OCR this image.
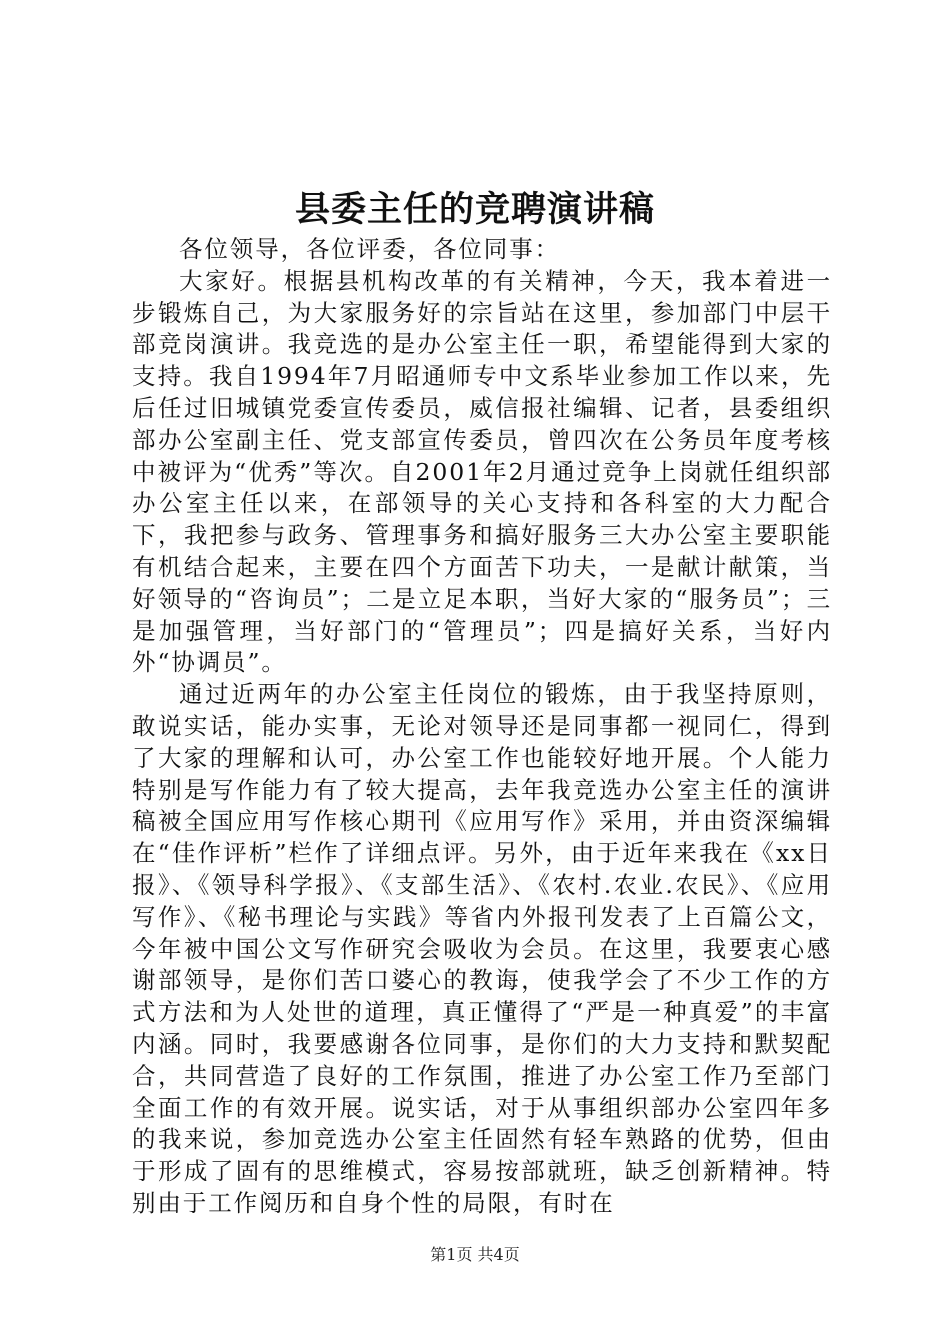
县委主任的竞聘演讲稿

各位领导，各位评委，各位同事：

大家好。根据县机构改革的有关精神，今天，我本着进一步锻炼自己，为大家服务好的宗旨站在这里，参加部门中层干部竞岗演讲。我竞选的是办公室主任一职，希望能得到大家的支持。我自1994年7月昭通师专中文系毕业参加工作以来，先后任过旧城镇党委宣传委员，威信报社编辑、记者，县委组织部办公室副主任、党支部宣传委员，曾四次在公务员年度考核中被评为“优秀”等次。自2001年2月通过竞争上岗就任组织部办公室主任以来，在部领导的关心支持和各科室的大力配合下，我把参与政务、管理事务和搞好服务三大办公室主要职能有机结合起来，主要在四个方面苦下功夫，一是献计献策，当好领导的“咨询员”；二是立足本职，当好大家的“服务员”；三是加强管理，当好部门的“管理员”；四是搞好关系，当好内外“协调员”。

通过近两年的办公室主任岗位的锻炼，由于我坚持原则，敢说实话，能办实事，无论对领导还是同事都一视同仁，得到了大家的理解和认可，办公室工作也能较好地开展。个人能力特别是写作能力有了较大提高，去年我竞选办公室主任的演讲稿被全国应用写作核心期刊《应用写作》采用，并由资深编辑在“佳作评析”栏作了详细点评。另外，由于近年来我在《xx日报》、《领导科学报》、《支部生活》、《农村.农业.农民》、《应用写作》、《秘书理论与实践》等省内外报刊发表了上百篇公文，今年被中国公文写作研究会吸收为会员。在这里，我要衷心感谢部领导，是你们苦口婆心的教诲，使我学会了不少工作的方式方法和为人处世的道理，真正懂得了“严是一种真爱”的丰富内涵。同时，我要感谢各位同事，是你们的大力支持和默契配合，共同营造了良好的工作氛围，推进了办公室工作乃至部门全面工作的有效开展。说实话，对于从事组织部办公室四年多的我来说，参加竞选办公室主任固然有轻车熟路的优势，但由于形成了固有的思维模式，容易按部就班，缺乏创新精神。特别由于工作阅历和自身个性的局限，有时在

第1页 共4页
